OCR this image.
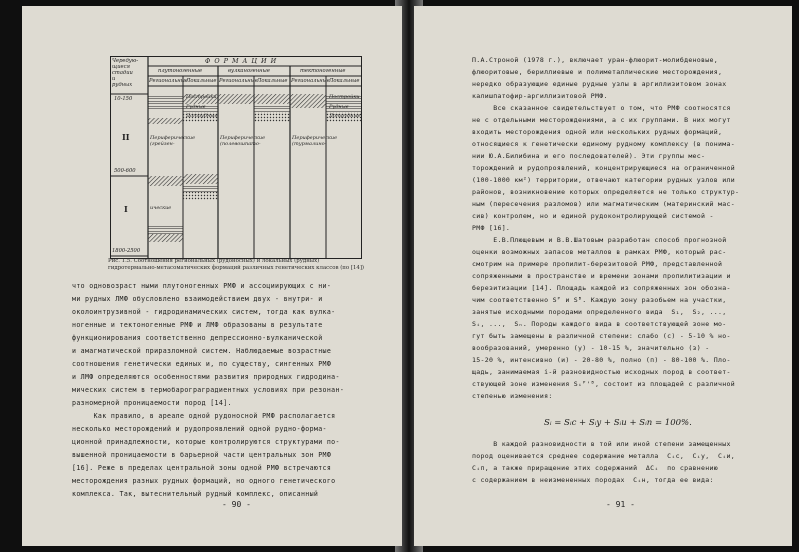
Ф О Р М А Ц И И
Чередую-
щиеся
стадии
и
рудных
плутоногенные	вулканогенные	тектоногенные
Региональные
Локальные Региональные Локальные Региональные Локальные
10-150
II
500-600
I
1800-2500
Периферические (грейзен-
ические
Периферические (полевошпато-
Периферические (турмалино-
Постройки
Рудные
Дотрудные
Постройки
Рудные
Дотрудные
Рис. 1.5. Соотношения региональных (рудоносных) и локальных (рудных) гидротермально-метасоматических формаций различных генетических классов (по [14])

что одновозраст ными плутоногенных РМФ и ассоциирующих с ни-

ми рудных ЛМФ обусловлено взаимодействием двух - внутри- и

околоинтрузивной - гидродинамических систем, тогда как вулка-

ногенные и тектоногенные РМФ и ЛМФ образованы в результате

функционирования соответственно депрессионно-вулканической

и амагматической приразломной систем. Наблюдаемые возрастные

соотношения генетически единых и, по существу, сингенных РМФ

и ЛМФ определяются особенностями развития природных гидродина-

мических систем в термобарограградиентных условиях при резонан-

разномерной проницаемости пород [14].

Как правило, в ареале одной рудоносной РМФ располагается

несколько месторождений и рудопроявлений одной рудно-форма-

ционной принадлежности, которые контролируются структурами по-

вышенной проницаемости в барьерной части центральных зон РМФ

[16]. Реже в пределах центральной зоны одной РМФ встречаются

месторождения разных рудных формаций, но одного генетического

комплекса. Так, вытеснительный рудный комплекс, описанный

- 90 -

П.А.Строной (1978 г.), включает уран-флюорит-молибденовые,

флюоритовые, бериллиевые и полиметаллические месторождения,

нередко образующие единые рудные узлы в аргиллизитовом зонах

калишпатофир-аргиллизитовой РМФ.

Все сказанное свидетельствует о том, что РМФ соотносятся

не с отдельными месторождениями, а с их группами. В них могут

входить месторождения одной или нескольких рудных формаций,

относящиеся к генетически единому рудному комплексу (в понима-

нии Ю.А.Билибина и его последователей). Эти группы мес-

торождений и рудопроявлений, концентрирующиеся на ограниченной

(100-1000 км²) территории, отвечают категории рудных узлов или

районов, возникновение которых определяется не только структур-

ным (пересечения разломов) или магматическим (материнский мас-

сив) контролем, но и единой рудоконтролирующей системой -

РМФ [16].

Е.В.Плющевым и В.В.Шатовым разработан способ прогнозной

оценки возможных запасов металлов в рамках РМФ, который рас-

смотрим на примере пропилит-березитовой РМФ, представленной

сопряженными в пространстве и времени зонами пропилитизации и

березитизации [14]. Площадь каждой из сопряженных зон обозна-

чим соответственно Sᴾ и Sᴮ. Каждую зону разобьем на участки,

занятые исходными породами определенного вида  S₁,  S₂, ...,

Sᵢ, ...,  Sₙ. Породы каждого вида в соответствующей зоне мо-

гут быть замещены в различной степени: слабо (с) - 5-10 % но-

вообразований, умеренно (у) - 10-15 %, значительно (з) -

15-20 %, интенсивно (и) - 20-80 %, полно (п) - 80-100 %. Пло-

щадь, занимаемая i-й разновидностью исходных пород в соответ-

ствующей зоне изменения Sᵢᴾ'ᴮ, состоит из площадей с различной

степенью изменения:

Sᵢ = Sᵢc + Sᵢy + Sᵢи + Sᵢп = 100%.

В каждой разновидности в той или иной степени замещенных

пород оценивается среднее содержание металла  Cᵢc,  Cᵢy,  Cᵢи,

Cᵢп, а также приращение этих содержаний  ΔCᵢ  по сравнению

с содержанием в неизмененных породах  Cᵢн, тогда ее вида:

- 91 -
